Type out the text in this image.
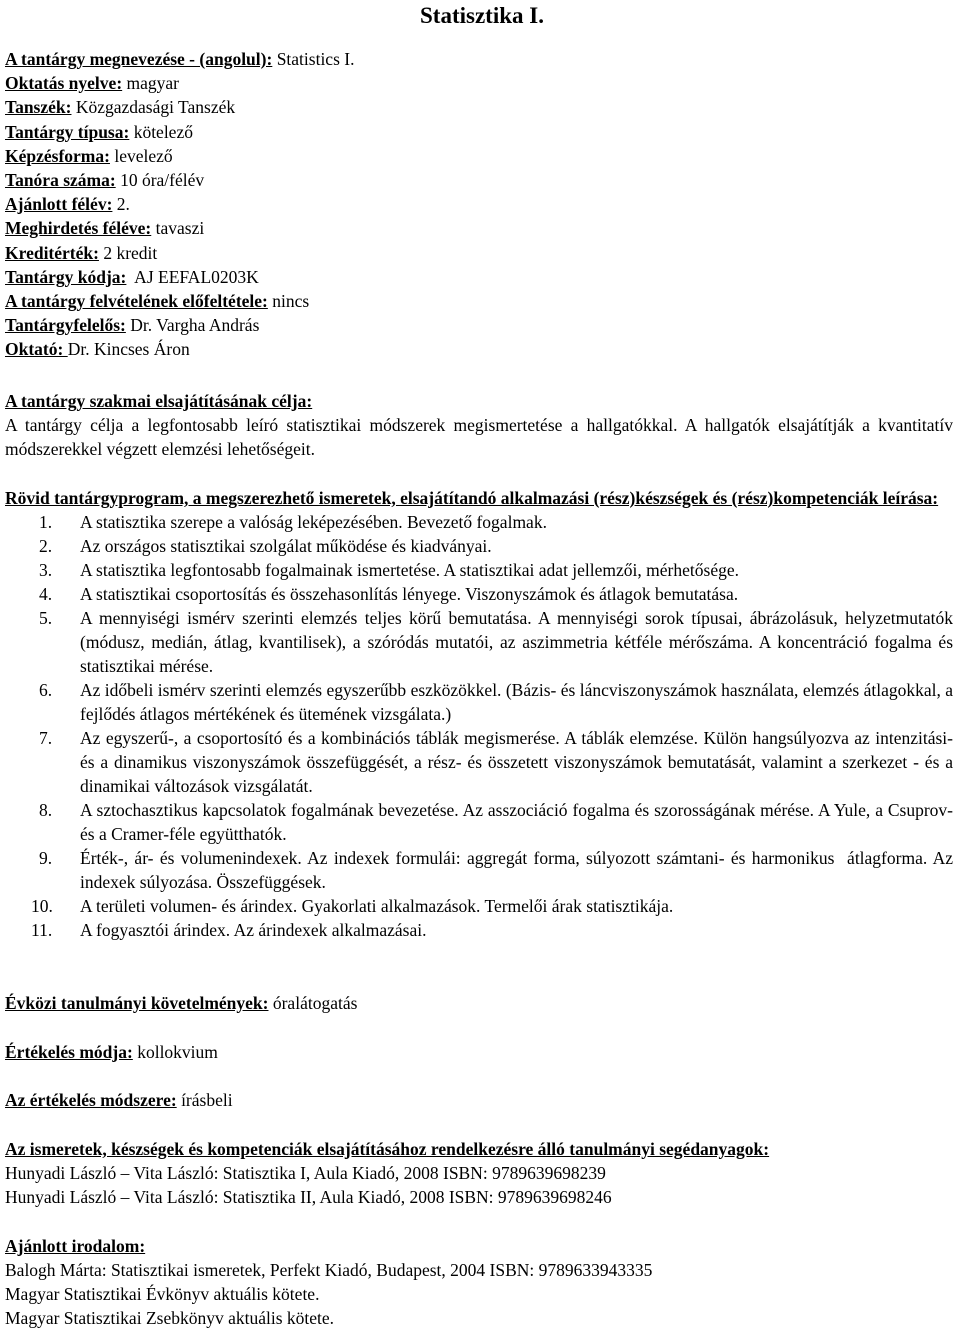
Statisztika I.
A tantárgy megnevezése - (angolul): Statistics I.
Oktatás nyelve: magyar
Tanszék: Közgazdasági Tanszék
Tantárgy típusa: kötelező
Képzésforma: levelező
Tanóra száma: 10 óra/félév
Ajánlott félév: 2.
Meghirdetés féléve: tavaszi
Kreditérték: 2 kredit
Tantárgy kódja:  AJ EEFAL0203K
A tantárgy felvételének előfeltétele: nincs
Tantárgyfelelős: Dr. Vargha András
Oktató: Dr. Kincses Áron
A tantárgy szakmai elsajátításának célja:
A tantárgy célja a legfontosabb leíró statisztikai módszerek megismertetése a hallgatókkal. A hallgatók elsajátítják a kvantitatív módszerekkel végzett elemzési lehetőségeit.
Rövid tantárgyprogram, a megszerezhető ismeretek, elsajátítandó alkalmazási (rész)készségek és (rész)kompetenciák leírása:
1.	A statisztika szerepe a valóság leképezésében. Bevezető fogalmak.
2.	Az országos statisztikai szolgálat működése és kiadványai.
3.	A statisztika legfontosabb fogalmainak ismertetése. A statisztikai adat jellemzői, mérhetősége.
4.	A statisztikai csoportosítás és összehasonlítás lényege. Viszonyszámok és átlagok bemutatása.
5.	A mennyiségi ismérv szerinti elemzés teljes körű bemutatása. A mennyiségi sorok típusai, ábrázolásuk, helyzetmutatók (módusz, medián, átlag, kvantilisek), a szóródás mutatói, az aszimmetria kétféle mérőszáma. A koncentráció fogalma és statisztikai mérése.
6.	Az időbeli ismérv szerinti elemzés egyszerűbb eszközökkel. (Bázis- és láncviszonyszámok használata, elemzés átlagokkal, a fejlődés átlagos mértékének és ütemének vizsgálata.)
7.	Az egyszerű-, a csoportosító és a kombinációs táblák megismerése. A táblák elemzése. Külön hangsúlyozva az intenzitási- és a dinamikus viszonyszámok összefüggését, a rész- és összetett viszonyszámok bemutatását, valamint a szerkezet - és a dinamikai változások vizsgálatát.
8.	A sztochasztikus kapcsolatok fogalmának bevezetése. Az asszociáció fogalma és szorosságának mérése. A Yule, a Csuprov- és a Cramer-féle együtthatók.
9.	Érték-, ár- és volumenindexek. Az indexek formulái: aggregát forma, súlyozott számtani- és harmonikus  átlagforma. Az indexek súlyozása. Összefüggések.
10.	A területi volumen- és árindex. Gyakorlati alkalmazások. Termelői árak statisztikája.
11.	A fogyasztói árindex. Az árindexek alkalmazásai.
Évközi tanulmányi követelmények: óralátogatás
Értékelés módja: kollokvium
Az értékelés módszere: írásbeli
Az ismeretek, készségek és kompetenciák elsajátításához rendelkezésre álló tanulmányi segédanyagok:
Hunyadi László – Vita László: Statisztika I, Aula Kiadó, 2008 ISBN: 9789639698239
Hunyadi László – Vita László: Statisztika II, Aula Kiadó, 2008 ISBN: 9789639698246
Ajánlott irodalom:
Balogh Márta: Statisztikai ismeretek, Perfekt Kiadó, Budapest, 2004 ISBN: 9789633943335
Magyar Statisztikai Évkönyv aktuális kötete.
Magyar Statisztikai Zsebkönyv aktuális kötete.
